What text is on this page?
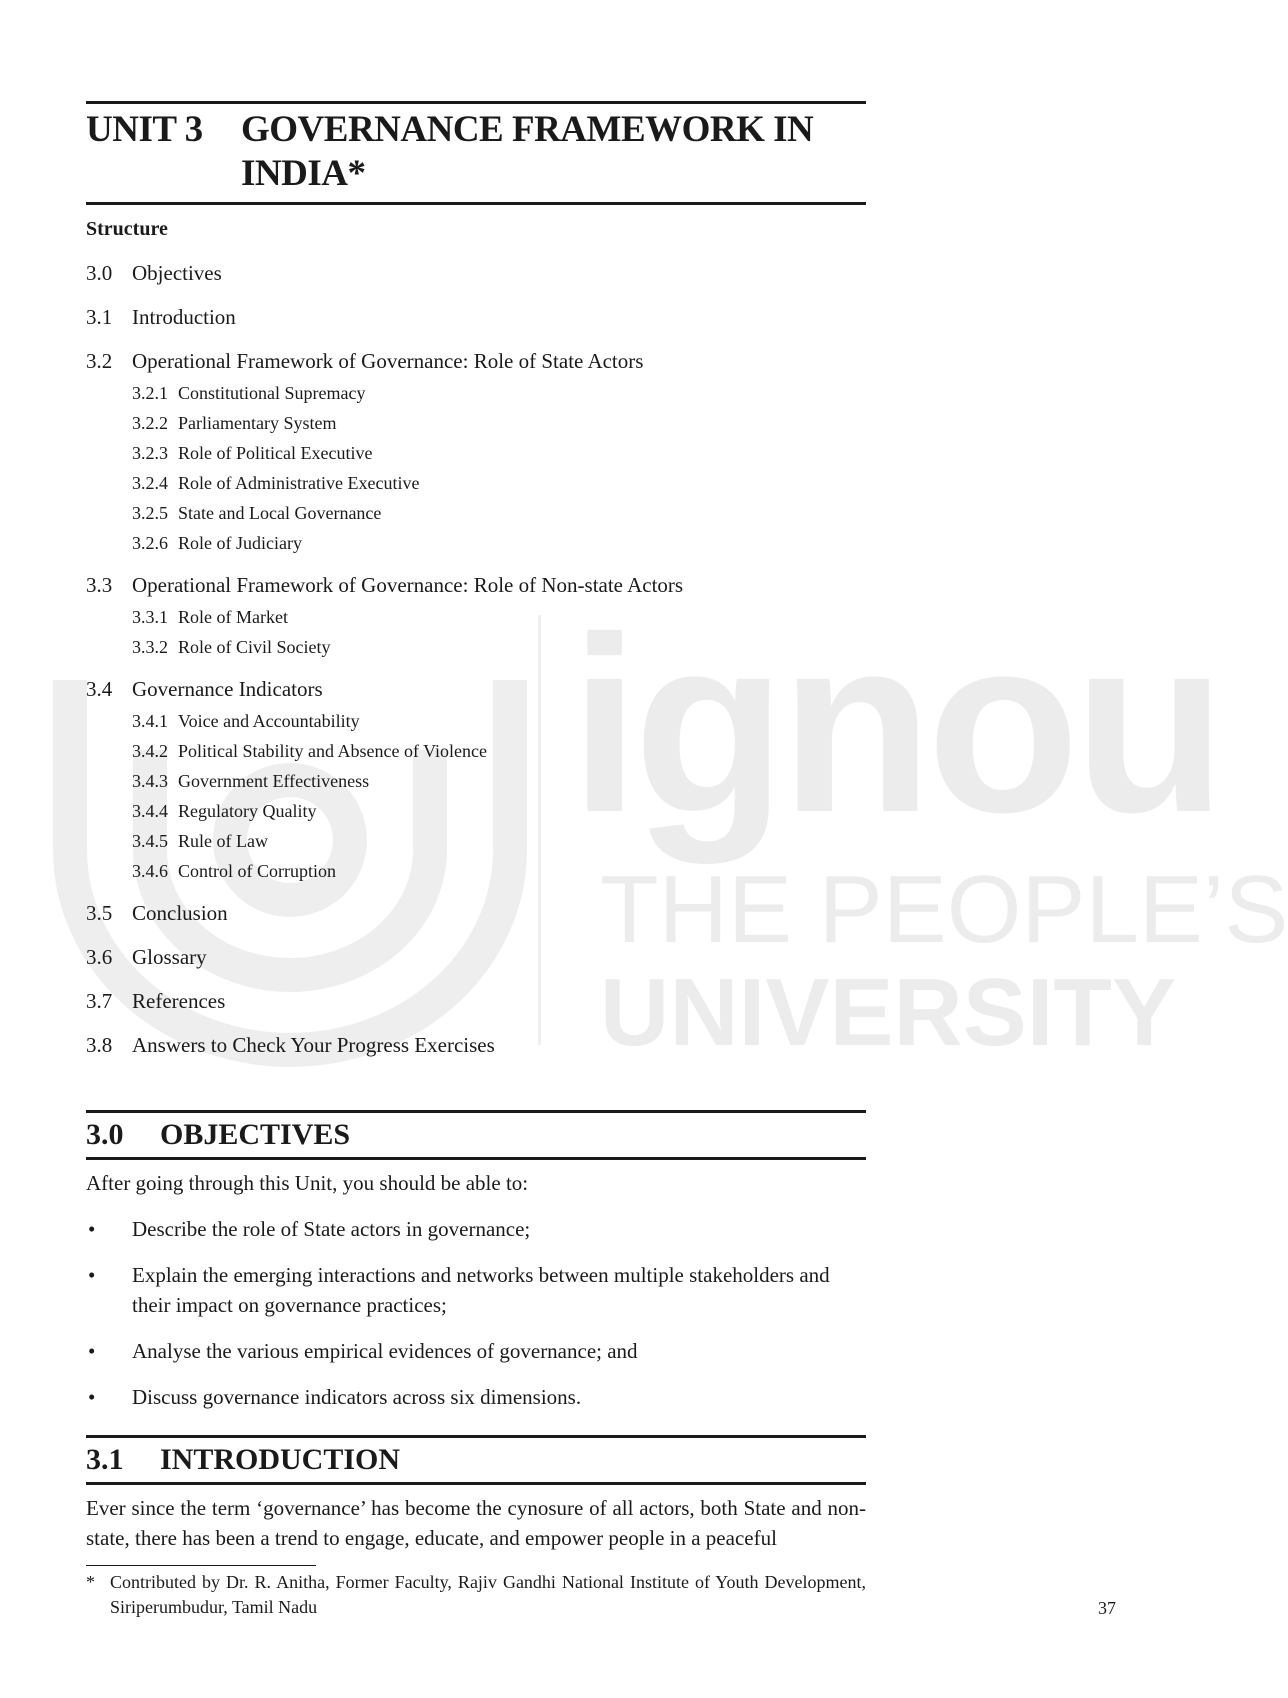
ignou
THE PEOPLE’S
UNIVERSITY
UNIT 3	GOVERNANCE FRAMEWORK IN INDIA*
Structure
3.0 Objectives
3.1 Introduction
3.2 Operational Framework of Governance: Role of State Actors
3.2.1 Constitutional Supremacy
3.2.2 Parliamentary System
3.2.3 Role of Political Executive
3.2.4 Role of Administrative Executive
3.2.5 State and Local Governance
3.2.6 Role of Judiciary
3.3 Operational Framework of Governance: Role of Non-state Actors
3.3.1 Role of Market
3.3.2 Role of Civil Society
3.4 Governance Indicators
3.4.1 Voice and Accountability
3.4.2 Political Stability and Absence of Violence
3.4.3 Government Effectiveness
3.4.4 Regulatory Quality
3.4.5 Rule of Law
3.4.6 Control of Corruption
3.5 Conclusion
3.6 Glossary
3.7 References
3.8 Answers to Check Your Progress Exercises
3.0	OBJECTIVES
After going through this Unit, you should be able to:
• Describe the role of State actors in governance;
• Explain the emerging interactions and networks between multiple stakeholders and their impact on governance practices;
• Analyse the various empirical evidences of governance; and
• Discuss governance indicators across six dimensions.
3.1	INTRODUCTION
Ever since the term ‘governance’ has become the cynosure of all actors, both State and non-state, there has been a trend to engage, educate, and empower people in a peaceful
* Contributed by Dr. R. Anitha, Former Faculty, Rajiv Gandhi National Institute of Youth Development, Siriperumbudur, Tamil Nadu	37
